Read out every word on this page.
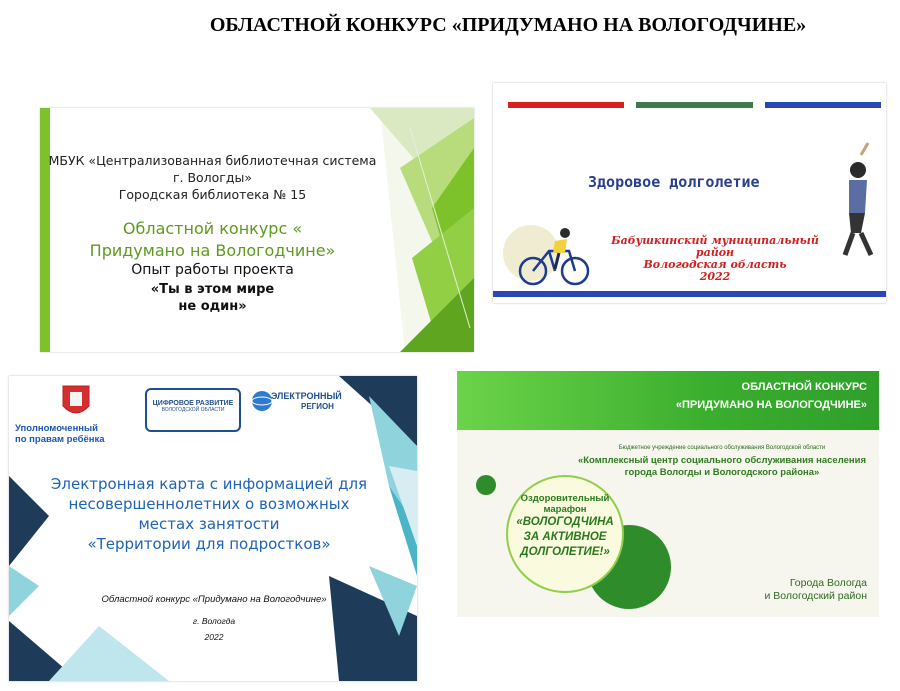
ОБЛАСТНОЙ КОНКУРС «ПРИДУМАНО НА ВОЛОГОДЧИНЕ»
МБУК «Централизованная библиотечная система
г. Вологды»
Городская библиотека № 15
Областной конкурс «
Придумано на Вологодчине»
Опыт работы проекта
«Ты в этом мире
не один»
Здоровое долголетие
Бабушкинский муниципальный район
Вологодская область
2022
Уполномоченный
по правам ребёнка
ЦИФРОВОЕ РАЗВИТИЕ
ВОЛОГОДСКОЙ ОБЛАСТИ
ЭЛЕКТРОННЫЙ
РЕГИОН
Электронная карта с информацией для
несовершеннолетних о возможных
местах занятости
«Территории для подростков»
Областной конкурс «Придумано на Вологодчине»
г. Вологда
2022
ОБЛАСТНОЙ КОНКУРС
«ПРИДУМАНО НА ВОЛОГОДЧИНЕ»
Бюджетное учреждение социального обслуживания Вологодской области
«Комплексный центр социального обслуживания населения
города Вологды и Вологодского района»
Оздоровительный
марафон
«ВОЛОГОДЧИНА
ЗА АКТИВНОЕ
ДОЛГОЛЕТИЕ!»
Города Вологда
и Вологодский район
